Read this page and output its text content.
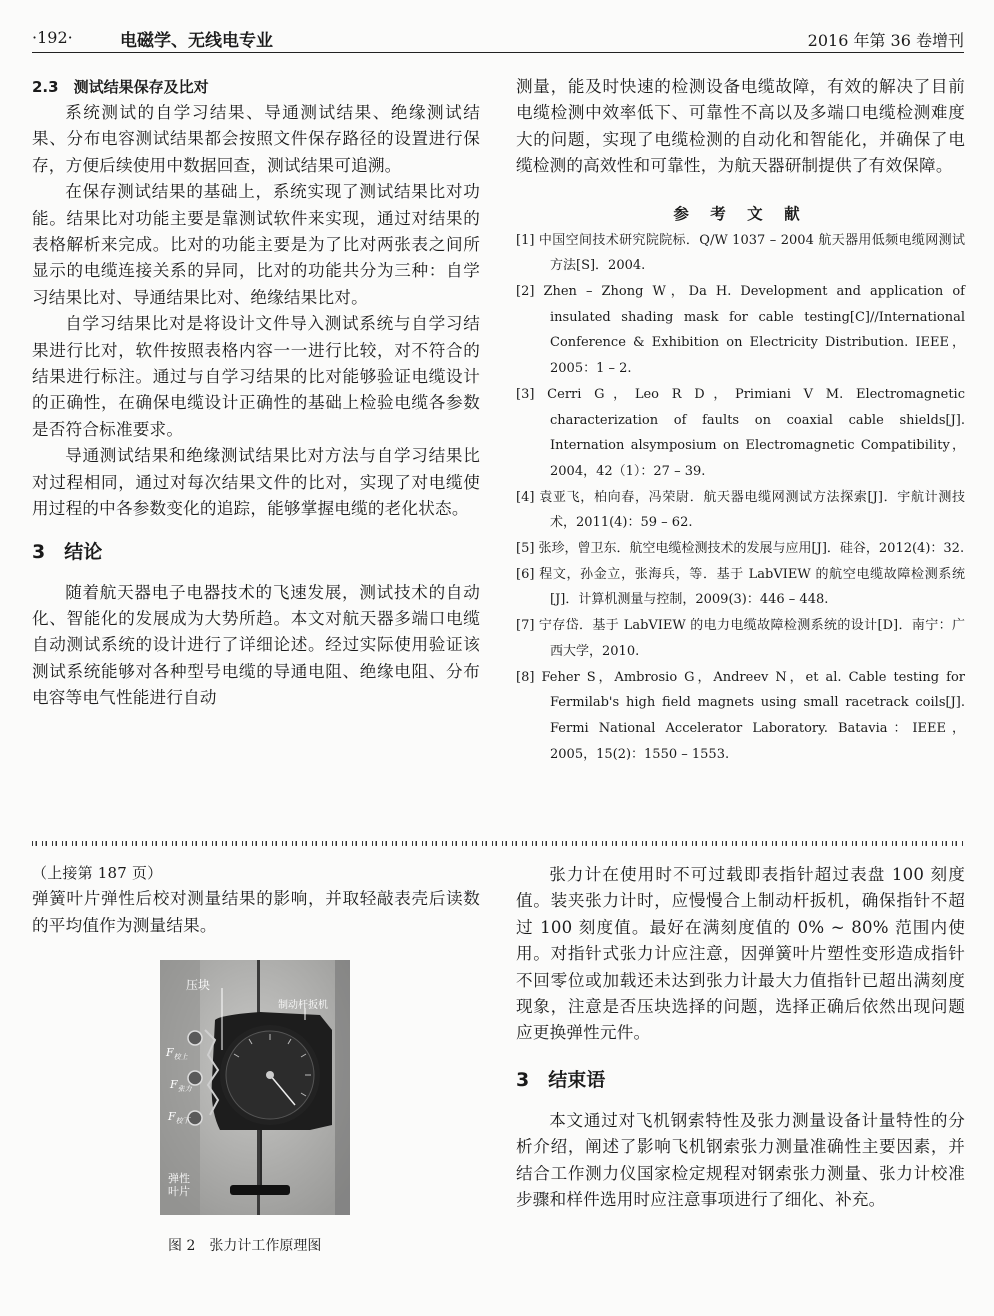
·192·	电磁学、无线电专业	2016 年第 36 卷增刊

2.3　测试结果保存及比对

系统测试的自学习结果、导通测试结果、绝缘测试结果、分布电容测试结果都会按照文件保存路径的设置进行保存，方便后续使用中数据回查，测试结果可追溯。

在保存测试结果的基础上，系统实现了测试结果比对功能。结果比对功能主要是靠测试软件来实现，通过对结果的表格解析来完成。比对的功能主要是为了比对两张表之间所显示的电缆连接关系的异同，比对的功能共分为三种：自学习结果比对、导通结果比对、绝缘结果比对。

自学习结果比对是将设计文件导入测试系统与自学习结果进行比对，软件按照表格内容一一进行比较，对不符合的结果进行标注。通过与自学习结果的比对能够验证电缆设计的正确性，在确保电缆设计正确性的基础上检验电缆各参数是否符合标准要求。

导通测试结果和绝缘测试结果比对方法与自学习结果比对过程相同，通过对每次结果文件的比对，实现了对电缆使用过程的中各参数变化的追踪，能够掌握电缆的老化状态。

3　结论

随着航天器电子电器技术的飞速发展，测试技术的自动化、智能化的发展成为大势所趋。本文对航天器多端口电缆自动测试系统的设计进行了详细论述。经过实际使用验证该测试系统能够对各种型号电缆的导通电阻、绝缘电阻、分布电容等电气性能进行自动

测量，能及时快速的检测设备电缆故障，有效的解决了目前电缆检测中效率低下、可靠性不高以及多端口电缆检测难度大的问题，实现了电缆检测的自动化和智能化，并确保了电缆检测的高效性和可靠性，为航天器研制提供了有效保障。

参 考 文 献

[1] 中国空间技术研究院院标．Q/W 1037 – 2004 航天器用低频电缆网测试方法[S]．2004.

[2] Zhen – Zhong W，Da H. Development and application of insulated shading mask for cable testing[C]//International Conference & Exhibition on Electricity Distribution. IEEE，2005：1 – 2.

[3] Cerri G，Leo R D，Primiani V M. Electromagnetic characterization of faults on coaxial cable shields[J]. Internation alsymposium on Electromagnetic Compatibility，2004，42（1）：27 – 39.

[4] 袁亚飞，柏向春，冯荣尉．航天器电缆网测试方法探索[J]．宇航计测技术，2011(4)：59 – 62.

[5] 张珍，曾卫东．航空电缆检测技术的发展与应用[J]．硅谷，2012(4)：32.

[6] 程文，孙金立，张海兵，等．基于 LabVIEW 的航空电缆故障检测系统[J]．计算机测量与控制，2009(3)：446 – 448.

[7] 宁存岱．基于 LabVIEW 的电力电缆故障检测系统的设计[D]．南宁：广西大学，2010.

[8] Feher S，Ambrosio G，Andreev N，et al. Cable testing for Fermilab's high field magnets using small racetrack coils[J]. Fermi National Accelerator Laboratory. Batavia：IEEE，2005，15(2)：1550 – 1553.

（上接第 187 页）

弹簧叶片弹性后校对测量结果的影响，并取轻敲表壳后读数的平均值作为测量结果。

压块
制动杆扳机
$F_{校上}$
$F_{张力}$
$F_{校下}$
弹性叶片
图 2　张力计工作原理图

张力计在使用时不可过载即表指针超过表盘 100 刻度值。装夹张力计时，应慢慢合上制动杆扳机，确保指针不超过 100 刻度值。最好在满刻度值的 0% ~ 80% 范围内使用。对指针式张力计应注意，因弹簧叶片塑性变形造成指针不回零位或加载还未达到张力计最大力值指针已超出满刻度现象，注意是否压块选择的问题，选择正确后依然出现问题应更换弹性元件。

3　结束语

本文通过对飞机钢索特性及张力测量设备计量特性的分析介绍，阐述了影响飞机钢索张力测量准确性主要因素，并结合工作测力仪国家检定规程对钢索张力测量、张力计校准步骤和样件选用时应注意事项进行了细化、补充。
